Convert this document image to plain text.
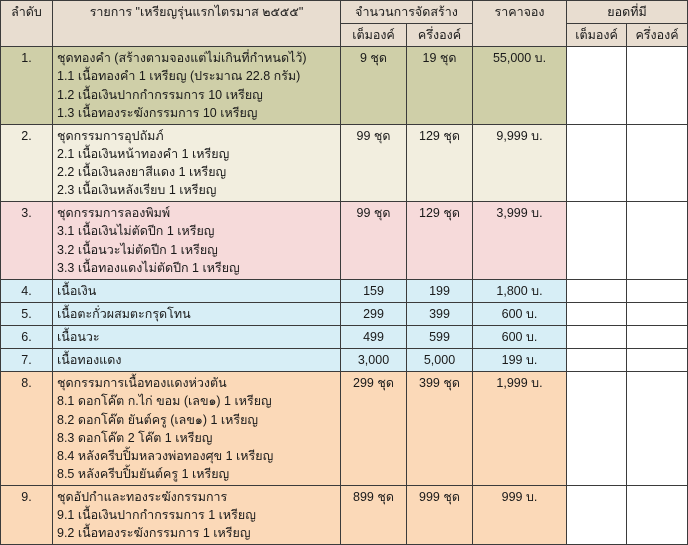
ลำดับ	รายการ "เหรียญรุ่นแรกไตรมาส ๒๕๕๕"	จำนวนการจัดสร้าง		ราคาจอง	ยอดที่มี	
		เต็มองค์	ครึ่งองค์		เต็มองค์	ครึ่งองค์
1.	ชุดทองคำ (สร้างตามจองแต่ไม่เกินที่กำหนดไว้)
1.1 เนื้อทองคำ 1 เหรียญ (ประมาณ 22.8 กรัม)
1.2 เนื้อเงินปากกำกรรมการ 10 เหรียญ
1.3 เนื้อทองระฆังกรรมการ 10 เหรียญ	9 ชุด	19 ชุด	55,000 บ.		
2.	ชุดกรรมการอุปถัมภ์
2.1 เนื้อเงินหน้าทองคำ 1 เหรียญ
2.2 เนื้อเงินลงยาสีแดง 1 เหรียญ
2.3 เนื้อเงินหลังเรียบ 1 เหรียญ	99 ชุด	129 ชุด	9,999 บ.		
3.	ชุดกรรมการลองพิมพ์
3.1 เนื้อเงินไม่ตัดปีก 1 เหรียญ
3.2 เนื้อนวะไม่ตัดปีก 1 เหรียญ
3.3 เนื้อทองแดงไม่ตัดปีก 1 เหรียญ	99 ชุด	129 ชุด	3,999 บ.		
4.	เนื้อเงิน	159	199	1,800 บ.		
5.	เนื้อตะกั่วผสมตะกรุดโทน	299	399	600 บ.		
6.	เนื้อนวะ	499	599	600 บ.		
7.	เนื้อทองแดง	3,000	5,000	199 บ.		
8.	ชุดกรรมการเนื้อทองแดงห่วงตัน
8.1 ดอกโค๊ต ก.ไก่ ขอม (เลข๑) 1 เหรียญ
8.2 ดอกโค๊ต ยันต์ครู (เลข๑) 1 เหรียญ
8.3 ดอกโค๊ต 2 โค๊ต 1 เหรียญ
8.4 หลังครีบปิ้มหลวงพ่อทองศุข 1 เหรียญ
8.5 หลังครีบปิ้มยันต์ครู 1 เหรียญ
	299 ชุด	399 ชุด	1,999 บ.		
9.	ชุดอัปกำและทองระฆังกรรมการ
9.1 เนื้อเงินปากกำกรรมการ 1 เหรียญ
9.2 เนื้อทองระฆังกรรมการ 1 เหรียญ	899 ชุด	999 ชุด	999 บ.		
